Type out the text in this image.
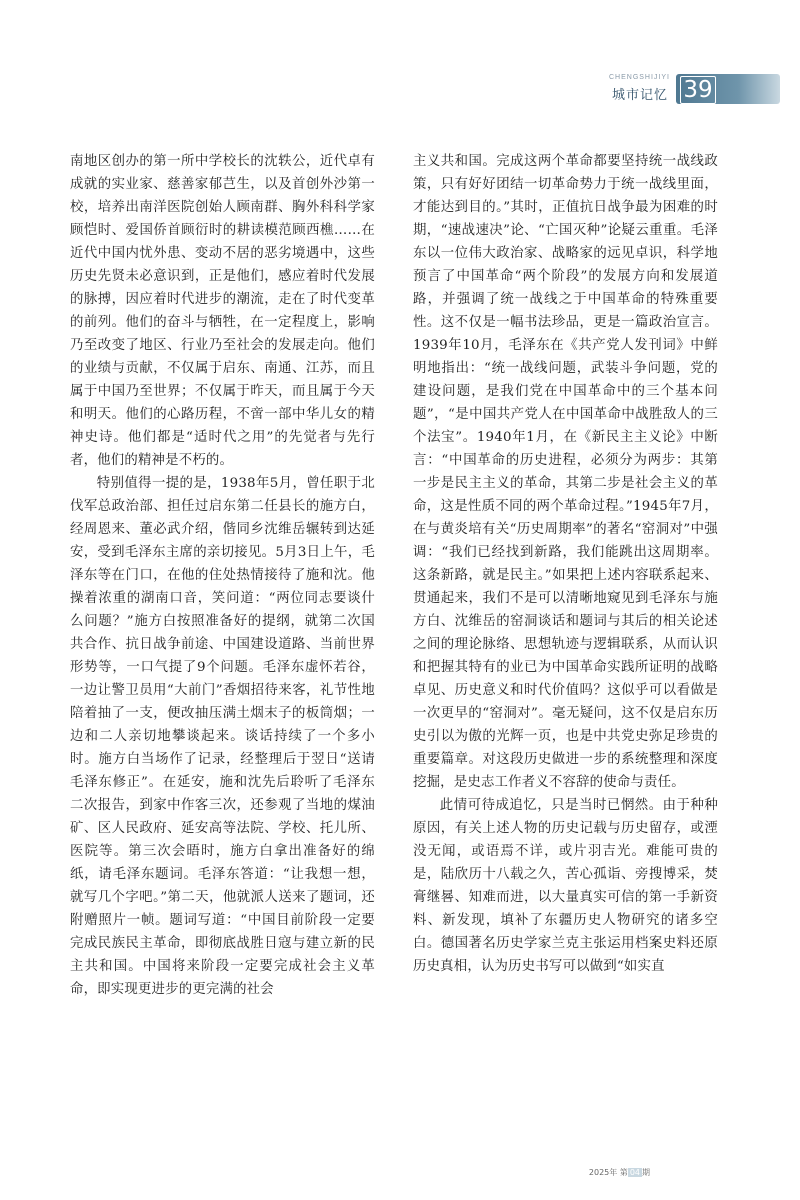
CHENGSHIJIYI
城市记忆 39

南地区创办的第一所中学校长的沈轶公，近代卓有成就的实业家、慈善家郁芑生，以及首创外沙第一校，培养出南洋医院创始人顾南群、胸外科科学家顾恺时、爱国侨首顾衍时的耕读模范顾西樵……在近代中国内忧外患、变动不居的恶劣境遇中，这些历史先贤未必意识到，正是他们，感应着时代发展的脉搏，因应着时代进步的潮流，走在了时代变革的前列。他们的奋斗与牺牲，在一定程度上，影响乃至改变了地区、行业乃至社会的发展走向。他们的业绩与贡献，不仅属于启东、南通、江苏，而且属于中国乃至世界；不仅属于昨天，而且属于今天和明天。他们的心路历程，不啻一部中华儿女的精神史诗。他们都是“适时代之用”的先觉者与先行者，他们的精神是不朽的。

特别值得一提的是，1938年5月，曾任职于北伐军总政治部、担任过启东第二任县长的施方白，经周恩来、董必武介绍，偕同乡沈维岳辗转到达延安，受到毛泽东主席的亲切接见。5月3日上午，毛泽东等在门口，在他的住处热情接待了施和沈。他操着浓重的湖南口音，笑问道：“两位同志要谈什么问题？”施方白按照准备好的提纲，就第二次国共合作、抗日战争前途、中国建设道路、当前世界形势等，一口气提了9个问题。毛泽东虚怀若谷，一边让警卫员用“大前门”香烟招待来客，礼节性地陪着抽了一支，便改抽压满土烟末子的板筒烟；一边和二人亲切地攀谈起来。谈话持续了一个多小时。施方白当场作了记录，经整理后于翌日“送请毛泽东修正”。在延安，施和沈先后聆听了毛泽东二次报告，到家中作客三次，还参观了当地的煤油矿、区人民政府、延安高等法院、学校、托儿所、医院等。第三次会晤时，施方白拿出准备好的绵纸，请毛泽东题词。毛泽东答道：“让我想一想，就写几个字吧。”第二天，他就派人送来了题词，还附赠照片一帧。题词写道：“中国目前阶段一定要完成民族民主革命，即彻底战胜日寇与建立新的民主共和国。中国将来阶段一定要完成社会主义革命，即实现更进步的更完满的社会

主义共和国。完成这两个革命都要坚持统一战线政策，只有好好团结一切革命势力于统一战线里面，才能达到目的。”其时，正值抗日战争最为困难的时期，“速战速决”论、“亡国灭种”论疑云重重。毛泽东以一位伟大政治家、战略家的远见卓识，科学地预言了中国革命“两个阶段”的发展方向和发展道路，并强调了统一战线之于中国革命的特殊重要性。这不仅是一幅书法珍品，更是一篇政治宣言。1939年10月，毛泽东在《共产党人发刊词》中鲜明地指出：“统一战线问题，武装斗争问题，党的建设问题，是我们党在中国革命中的三个基本问题”，“是中国共产党人在中国革命中战胜敌人的三个法宝”。1940年1月，在《新民主主义论》中断言：“中国革命的历史进程，必须分为两步：其第一步是民主主义的革命，其第二步是社会主义的革命，这是性质不同的两个革命过程。”1945年7月，在与黄炎培有关“历史周期率”的著名“窑洞对”中强调：“我们已经找到新路，我们能跳出这周期率。这条新路，就是民主。”如果把上述内容联系起来、贯通起来，我们不是可以清晰地窥见到毛泽东与施方白、沈维岳的窑洞谈话和题词与其后的相关论述之间的理论脉络、思想轨迹与逻辑联系，从而认识和把握其特有的业已为中国革命实践所证明的战略卓见、历史意义和时代价值吗？这似乎可以看做是一次更早的“窑洞对”。毫无疑问，这不仅是启东历史引以为傲的光辉一页，也是中共党史弥足珍贵的重要篇章。对这段历史做进一步的系统整理和深度挖掘，是史志工作者义不容辞的使命与责任。

此情可待成追忆，只是当时已惘然。由于种种原因，有关上述人物的历史记载与历史留存，或湮没无闻，或语焉不详，或片羽吉光。难能可贵的是，陆欣历十八载之久，苦心孤诣、旁搜博采，焚膏继晷、知难而进，以大量真实可信的第一手新资料、新发现，填补了东疆历史人物研究的诸多空白。德国著名历史学家兰克主张运用档案史料还原历史真相，认为历史书写可以做到“如实直

2025年 第 04 期
